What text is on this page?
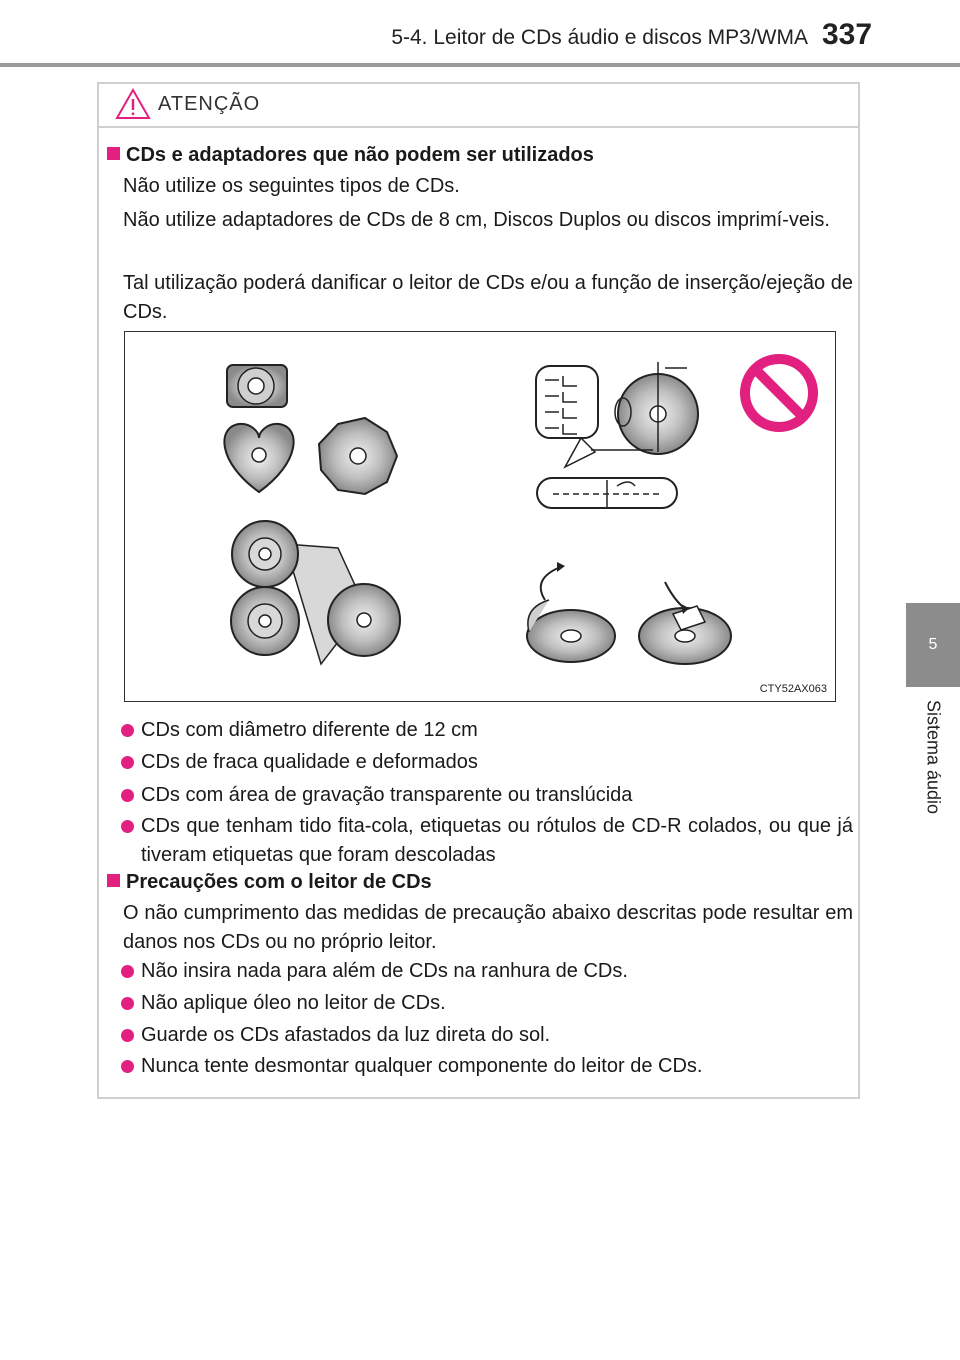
5-4. Leitor de CDs áudio e discos MP3/WMA 337
5
Sistema áudio
ATENÇÃO
CDs e adaptadores que não podem ser utilizados
Não utilize os seguintes tipos de CDs.
Não utilize adaptadores de CDs de 8 cm, Discos Duplos ou discos imprimí-veis.
Tal utilização poderá danificar o leitor de CDs e/ou a função de inserção/ejeção de CDs.
CTY52AX063
CDs com diâmetro diferente de 12 cm
CDs de fraca qualidade e deformados
CDs com área de gravação transparente ou translúcida
CDs que tenham tido fita-cola, etiquetas ou rótulos de CD-R colados, ou que já tiveram etiquetas que foram descoladas
Precauções com o leitor de CDs
O não cumprimento das medidas de precaução abaixo descritas pode resultar em danos nos CDs ou no próprio leitor.
Não insira nada para além de CDs na ranhura de CDs.
Não aplique óleo no leitor de CDs.
Guarde os CDs afastados da luz direta do sol.
Nunca tente desmontar qualquer componente do leitor de CDs.
